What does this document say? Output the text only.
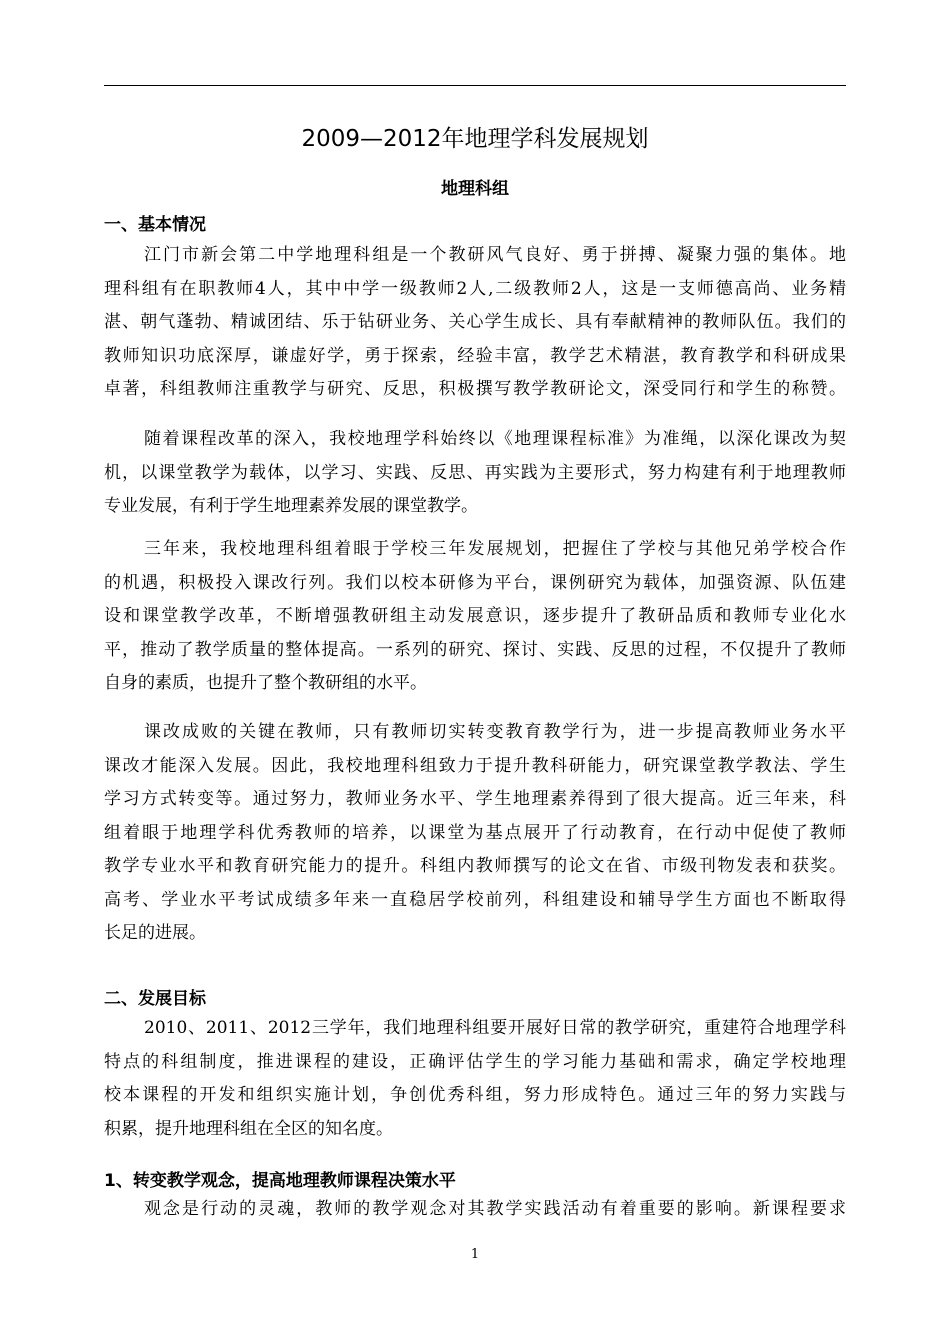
2009—2012年地理学科发展规划
地理科组
一、基本情况
江门市新会第二中学地理科组是一个教研风气良好、勇于拼搏、凝聚力强的集体。地
理科组有在职教师4人，其中中学一级教师2人,二级教师2人，这是一支师德高尚、业务精
湛、朝气蓬勃、精诚团结、乐于钻研业务、关心学生成长、具有奉献精神的教师队伍。我们的
教师知识功底深厚，谦虚好学，勇于探索，经验丰富，教学艺术精湛，教育教学和科研成果
卓著，科组教师注重教学与研究、反思，积极撰写教学教研论文，深受同行和学生的称赞。
随着课程改革的深入，我校地理学科始终以《地理课程标准》为准绳，以深化课改为契
机，以课堂教学为载体，以学习、实践、反思、再实践为主要形式，努力构建有利于地理教师
专业发展，有利于学生地理素养发展的课堂教学。
三年来，我校地理科组着眼于学校三年发展规划，把握住了学校与其他兄弟学校合作
的机遇，积极投入课改行列。我们以校本研修为平台，课例研究为载体，加强资源、队伍建
设和课堂教学改革，不断增强教研组主动发展意识，逐步提升了教研品质和教师专业化水
平，推动了教学质量的整体提高。一系列的研究、探讨、实践、反思的过程，不仅提升了教师
自身的素质，也提升了整个教研组的水平。
课改成败的关键在教师，只有教师切实转变教育教学行为，进一步提高教师业务水平
课改才能深入发展。因此，我校地理科组致力于提升教科研能力，研究课堂教学教法、学生
学习方式转变等。通过努力，教师业务水平、学生地理素养得到了很大提高。近三年来，科
组着眼于地理学科优秀教师的培养，以课堂为基点展开了行动教育，在行动中促使了教师
教学专业水平和教育研究能力的提升。科组内教师撰写的论文在省、市级刊物发表和获奖。
高考、学业水平考试成绩多年来一直稳居学校前列，科组建设和辅导学生方面也不断取得
长足的进展。
二、发展目标
2010、2011、2012三学年，我们地理科组要开展好日常的教学研究，重建符合地理学科
特点的科组制度，推进课程的建设，正确评估学生的学习能力基础和需求，确定学校地理
校本课程的开发和组织实施计划，争创优秀科组，努力形成特色。通过三年的努力实践与
积累，提升地理科组在全区的知名度。
1、转变教学观念，提高地理教师课程决策水平
观念是行动的灵魂，教师的教学观念对其教学实践活动有着重要的影响。新课程要求
1
